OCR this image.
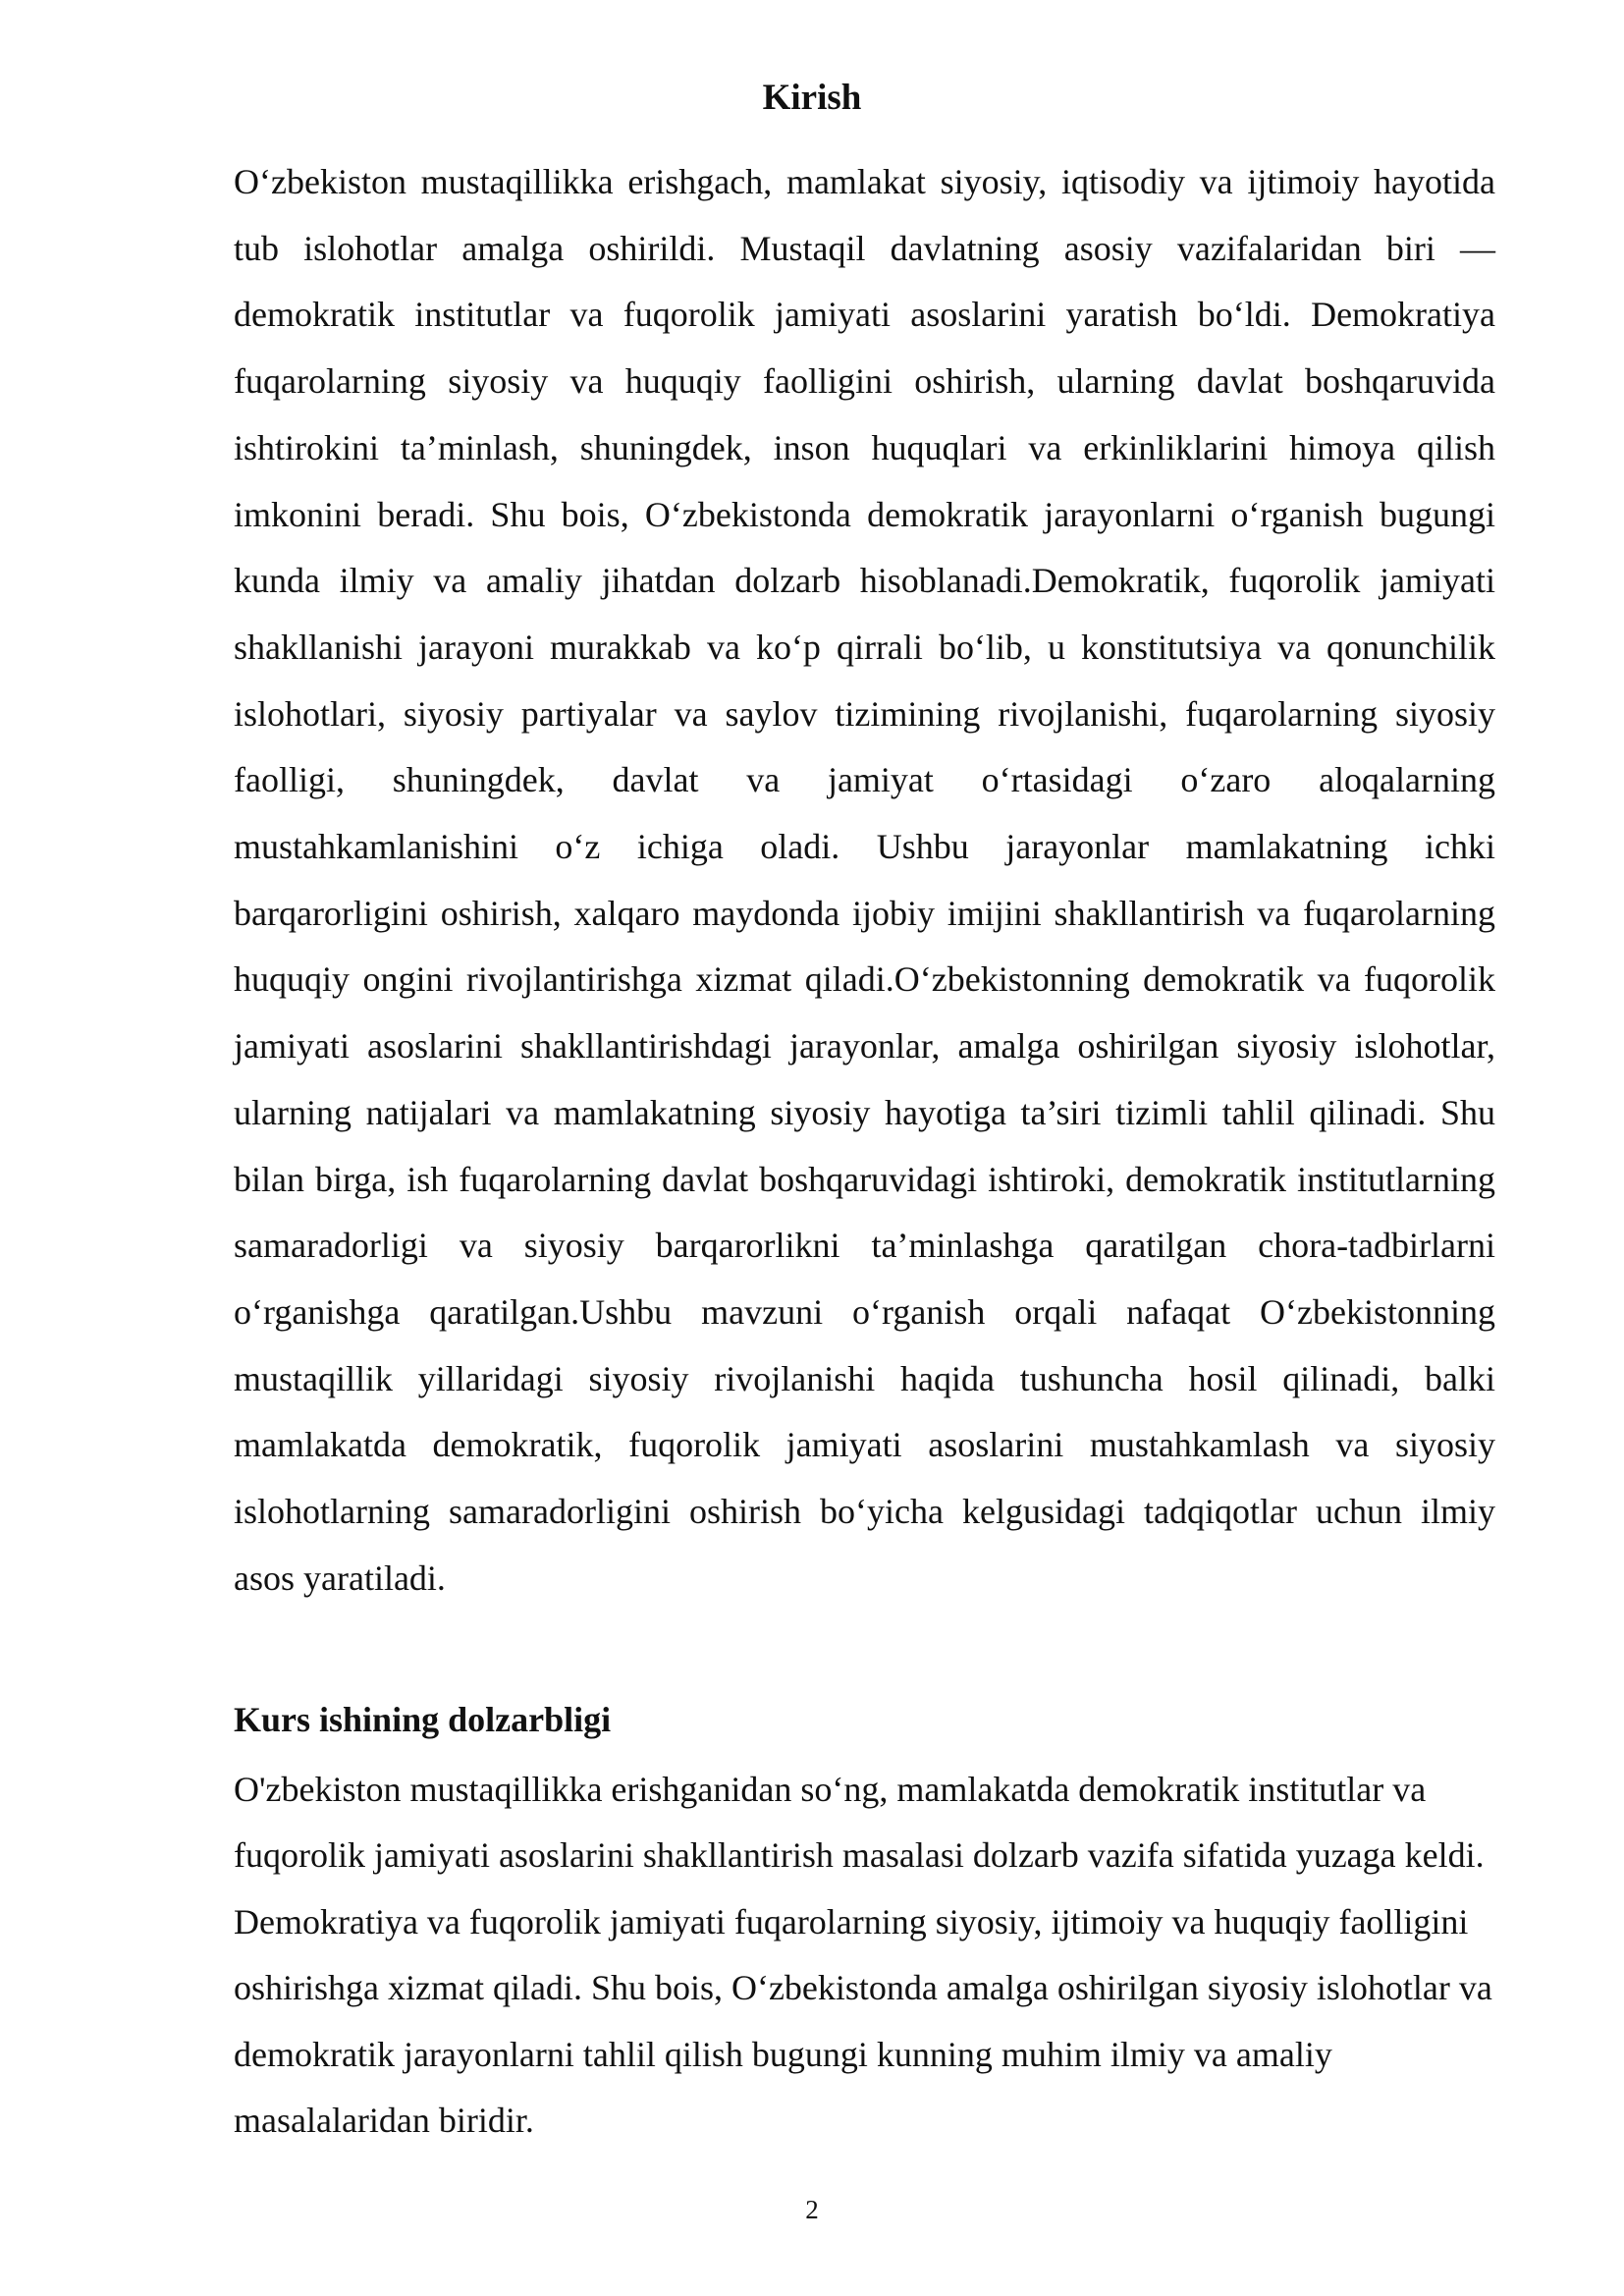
Kirish

O‘zbekiston mustaqillikka erishgach, mamlakat siyosiy, iqtisodiy va ijtimoiy hayotida tub islohotlar amalga oshirildi. Mustaqil davlatning asosiy vazifalaridan biri — demokratik institutlar va fuqorolik jamiyati asoslarini yaratish bo‘ldi. Demokratiya fuqarolarning siyosiy va huquqiy faolligini oshirish, ularning davlat boshqaruvida ishtirokini ta’minlash, shuningdek, inson huquqlari va erkinliklarini himoya qilish imkonini beradi. Shu bois, O‘zbekistonda demokratik jarayonlarni o‘rganish bugungi kunda ilmiy va amaliy jihatdan dolzarb hisoblanadi.Demokratik, fuqorolik jamiyati shakllanishi jarayoni murakkab va ko‘p qirrali bo‘lib, u konstitutsiya va qonunchilik islohotlari, siyosiy partiyalar va saylov tizimining rivojlanishi, fuqarolarning siyosiy faolligi, shuningdek, davlat va jamiyat o‘rtasidagi o‘zaro aloqalarning mustahkamlanishini o‘z ichiga oladi. Ushbu jarayonlar mamlakatning ichki barqarorligini oshirish, xalqaro maydonda ijobiy imijini shakllantirish va fuqarolarning huquqiy ongini rivojlantirishga xizmat qiladi.O‘zbekistonning demokratik va fuqorolik jamiyati asoslarini shakllantirishdagi jarayonlar, amalga oshirilgan siyosiy islohotlar, ularning natijalari va mamlakatning siyosiy hayotiga ta’siri tizimli tahlil qilinadi. Shu bilan birga, ish fuqarolarning davlat boshqaruvidagi ishtiroki, demokratik institutlarning samaradorligi va siyosiy barqarorlikni ta’minlashga qaratilgan chora-tadbirlarni o‘rganishga qaratilgan.Ushbu mavzuni o‘rganish orqali nafaqat O‘zbekistonning mustaqillik yillaridagi siyosiy rivojlanishi haqida tushuncha hosil qilinadi, balki mamlakatda demokratik, fuqorolik jamiyati asoslarini mustahkamlash va siyosiy islohotlarning samaradorligini oshirish bo‘yicha kelgusidagi tadqiqotlar uchun ilmiy asos yaratiladi.

Kurs ishining dolzarbligi

O'zbekiston mustaqillikka erishganidan so‘ng, mamlakatda demokratik institutlar va fuqorolik jamiyati asoslarini shakllantirish masalasi dolzarb vazifa sifatida yuzaga keldi. Demokratiya va fuqorolik jamiyati fuqarolarning siyosiy, ijtimoiy va huquqiy faolligini oshirishga xizmat qiladi. Shu bois, O‘zbekistonda amalga oshirilgan siyosiy islohotlar va demokratik jarayonlarni tahlil qilish bugungi kunning muhim ilmiy va amaliy masalalaridan biridir.

2
